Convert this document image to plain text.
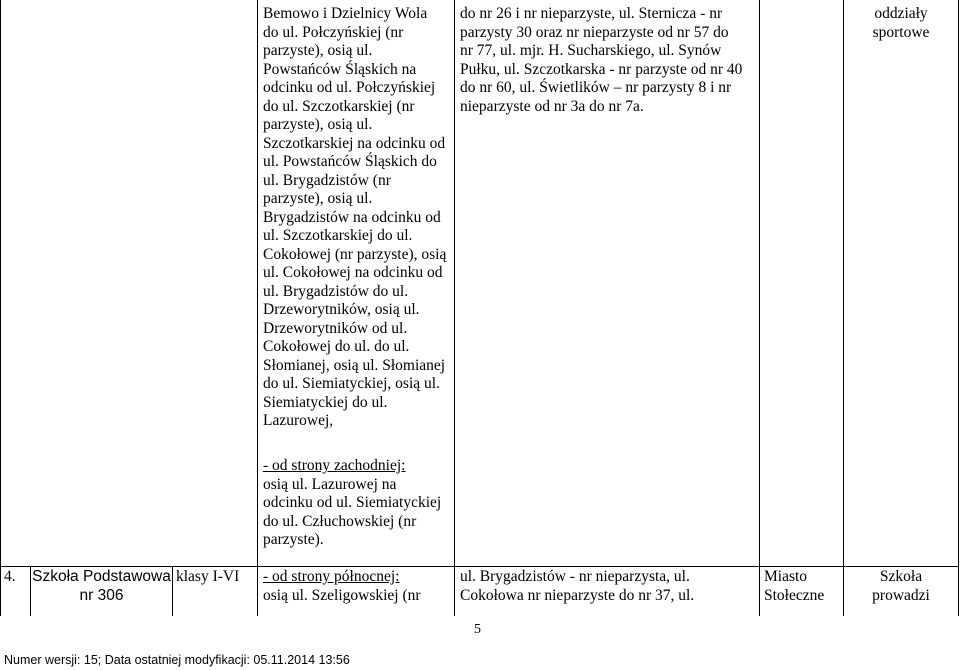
Bemowo i Dzielnicy Wola
do ul. Połczyńskiej (nr
parzyste), osią ul.
Powstańców Śląskich na
odcinku od ul. Połczyńskiej
do ul. Szczotkarskiej (nr
parzyste), osią ul.
Szczotkarskiej na odcinku od
ul. Powstańców Śląskich do
ul. Brygadzistów (nr
parzyste), osią ul.
Brygadzistów na odcinku od
ul. Szczotkarskiej do ul.
Cokołowej (nr parzyste), osią
ul. Cokołowej na odcinku od
ul. Brygadzistów do ul.
Drzeworytników, osią ul.
Drzeworytników od ul.
Cokołowej do ul. do ul.
Słomianej, osią ul. Słomianej
do ul. Siemiatyckiej, osią ul.
Siemiatyckiej do ul.
Lazurowej,
- od strony zachodniej:
osią ul. Lazurowej na
odcinku od ul. Siemiatyckiej
do ul. Człuchowskiej (nr
parzyste).
do nr 26 i nr nieparzyste, ul. Sternicza - nr
parzysty 30 oraz nr nieparzyste od nr 57 do
nr 77, ul. mjr. H. Sucharskiego, ul. Synów
Pułku, ul. Szczotkarska - nr parzyste od nr 40
do nr 60, ul. Świetlików – nr parzysty 8 i nr
nieparzyste od nr 3a do nr 7a.
oddziały
sportowe
4. Szkoła Podstawowa
nr 306
klasy I-VI - od strony północnej:
osią ul. Szeligowskiej (nr
ul. Brygadzistów - nr nieparzysta, ul.
Cokołowa nr nieparzyste do nr 37, ul.
Miasto
Stołeczne
Szkoła
prowadzi
5
Numer wersji: 15; Data ostatniej modyfikacji: 05.11.2014 13:56
